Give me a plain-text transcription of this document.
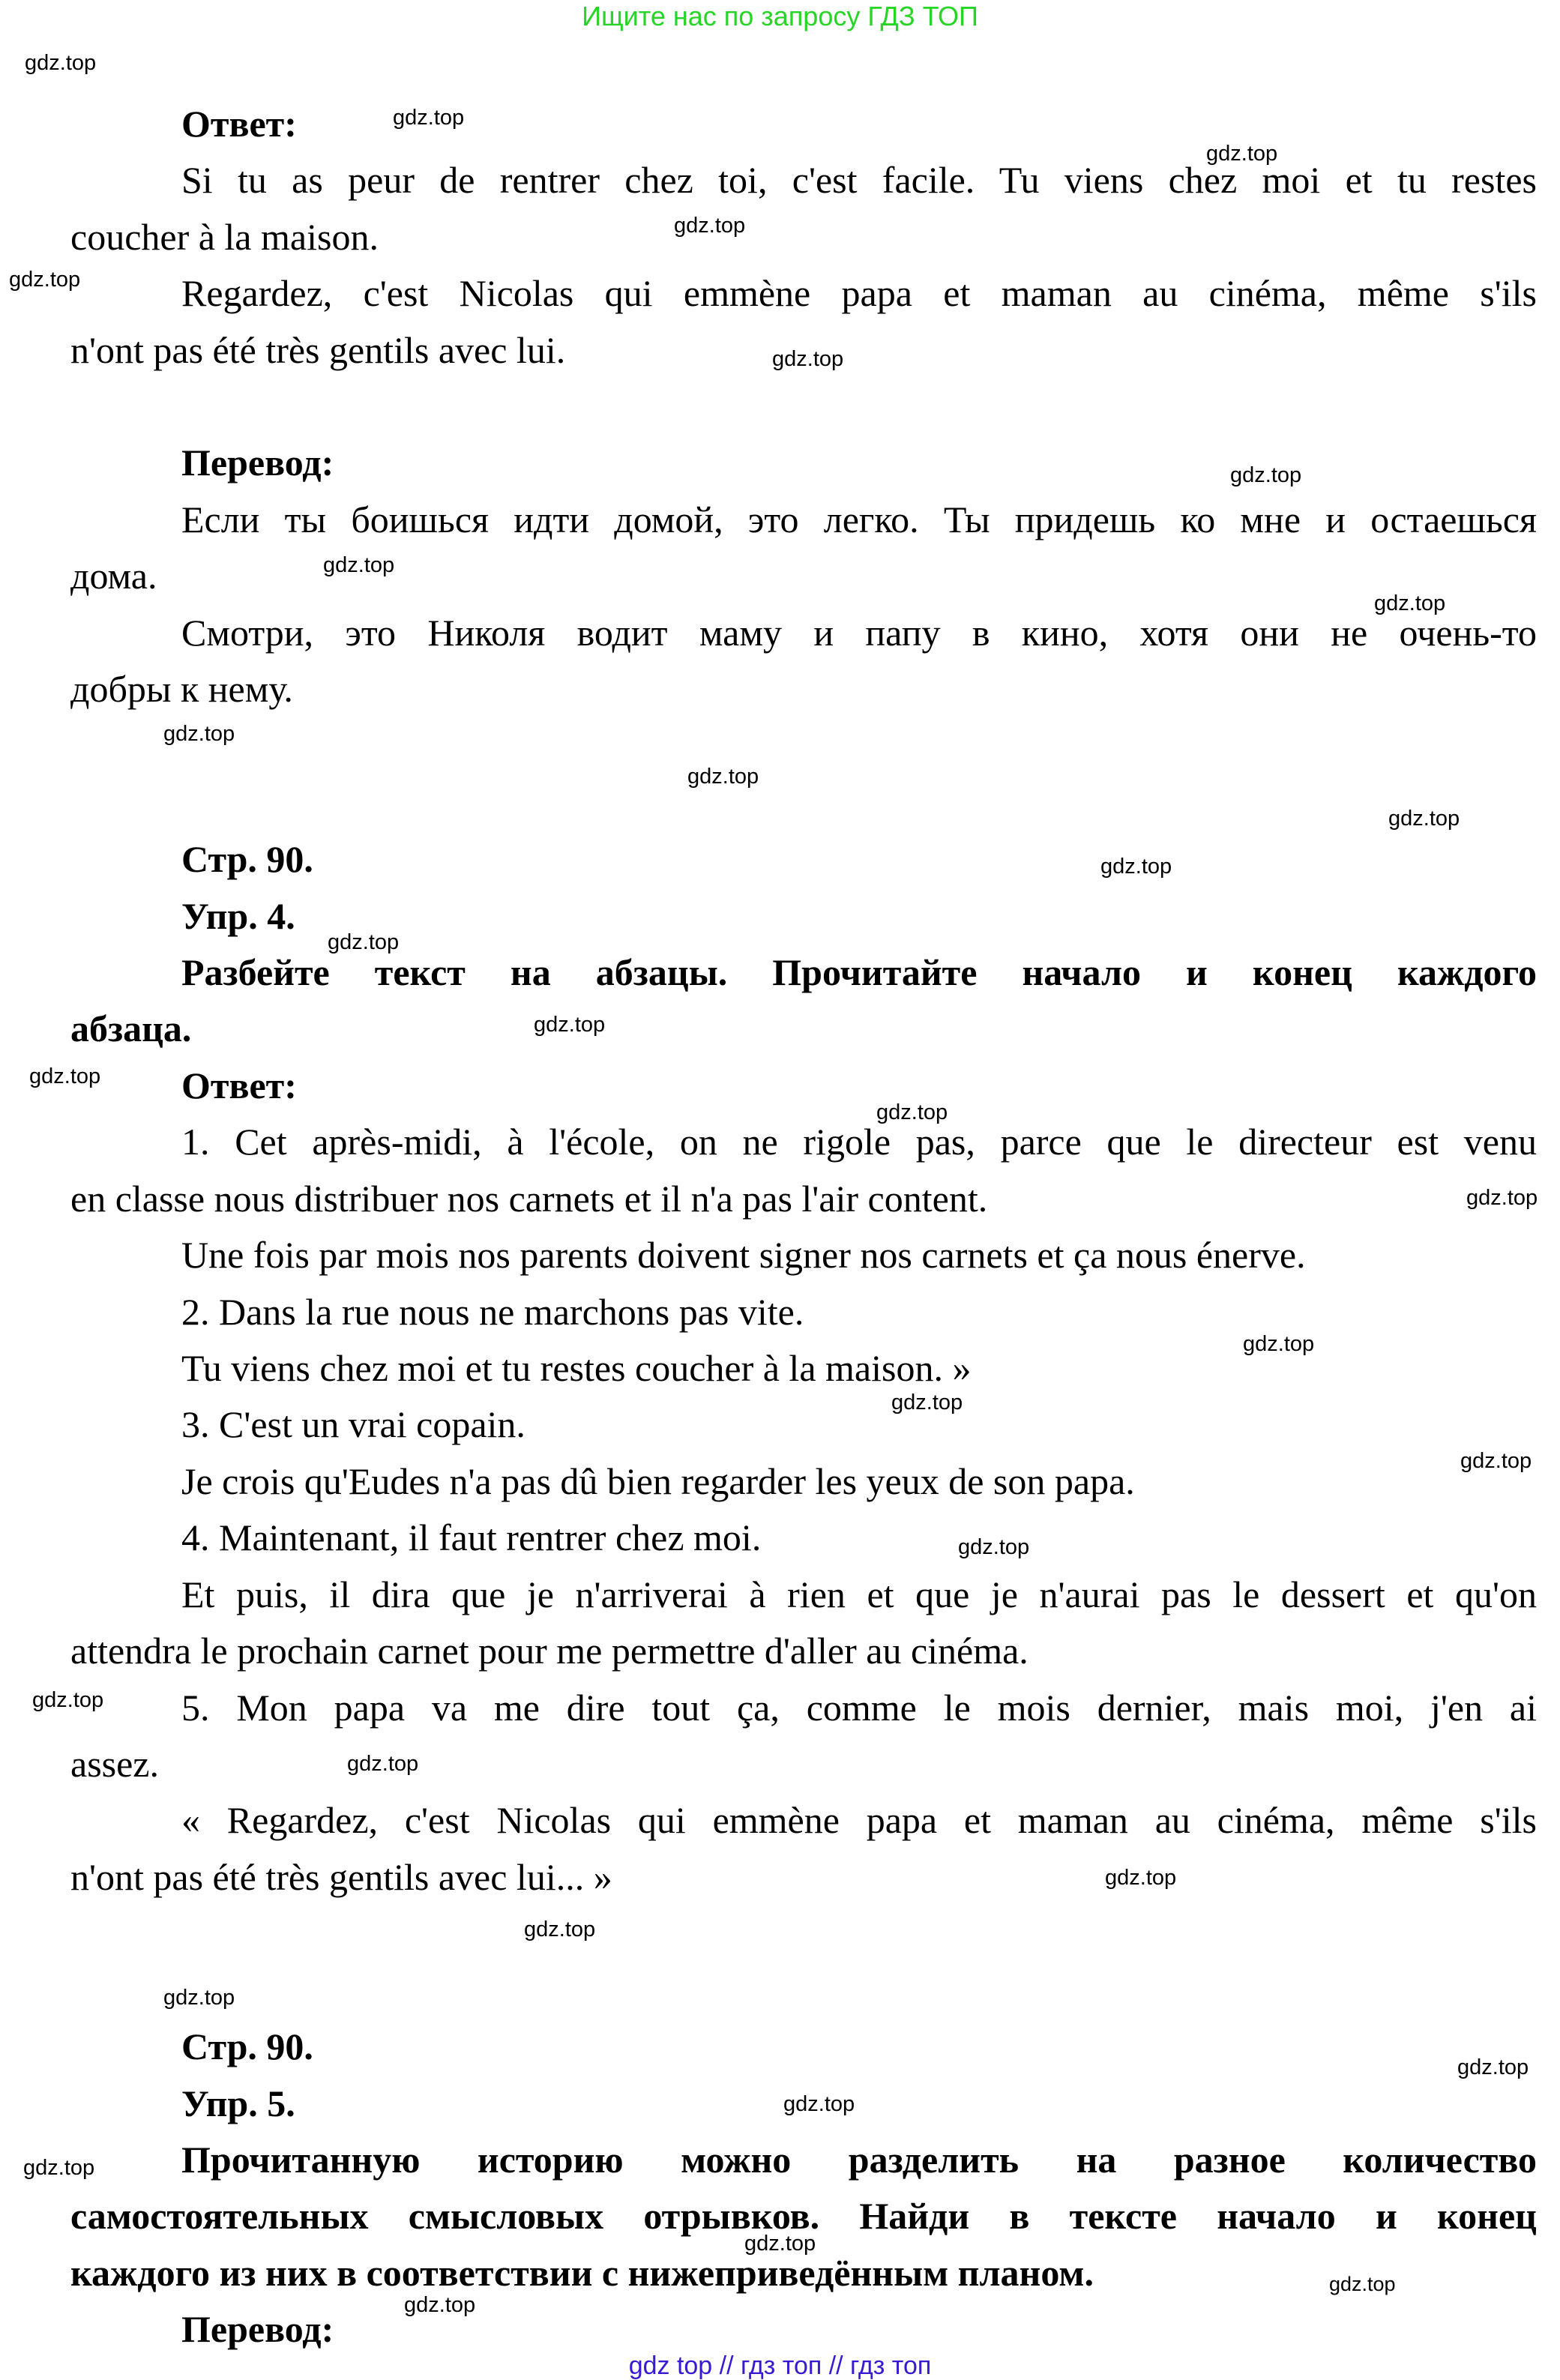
Ищите нас по запросу ГДЗ ТОП
Ответ:
Si tu as peur de rentrer chez toi, c'est facile. Tu viens chez moi et tu restes
coucher à la maison.
Regardez, c'est Nicolas qui emmène papa et maman au cinéma, même s'ils
n'ont pas été très gentils avec lui.
Перевод:
Если ты боишься идти домой, это легко. Ты придешь ко мне и остаешься
дома.
Смотри, это Николя водит маму и папу в кино, хотя они не очень-то
добры к нему.
Стр. 90.
Упр. 4.
Разбейте текст на абзацы. Прочитайте начало и конец каждого
абзаца.
Ответ:
1. Cet après-midi, à l'école, on ne rigole pas, parce que le directeur est venu
en classe nous distribuer nos carnets et il n'a pas l'air content.
Une fois par mois nos parents doivent signer nos carnets et ça nous énerve.
2. Dans la rue nous ne marchons pas vite.
Tu viens chez moi et tu restes coucher à la maison. »
3. C'est un vrai copain.
Je crois qu'Eudes n'a pas dû bien regarder les yeux de son papa.
4. Maintenant, il faut rentrer chez moi.
Et puis, il dira que je n'arriverai à rien et que je n'aurai pas le dessert et qu'on
attendra le prochain carnet pour me permettre d'aller au cinéma.
5. Mon papa va me dire tout ça, comme le mois dernier, mais moi, j'en ai
assez.
« Regardez, c'est Nicolas qui emmène papa et maman au cinéma, même s'ils
n'ont pas été très gentils avec lui... »
Стр. 90.
Упр. 5.
Прочитанную историю можно разделить на разное количество
самостоятельных смысловых отрывков. Найди в тексте начало и конец
каждого из них в соответствии с нижеприведённым планом.
Перевод:
gdz.top
gdz.top
gdz.top
gdz.top
gdz.top
gdz.top
gdz.top
gdz.top
gdz.top
gdz.top
gdz.top
gdz.top
gdz.top
gdz.top
gdz.top
gdz.top
gdz.top
gdz.top
gdz.top
gdz.top
gdz.top
gdz.top
gdz.top
gdz.top
gdz.top
gdz.top
gdz.top
gdz.top
gdz.top
gdz.top
gdz.top
gdz.top
gdz.top
gdz top // гдз топ // гдз топ
